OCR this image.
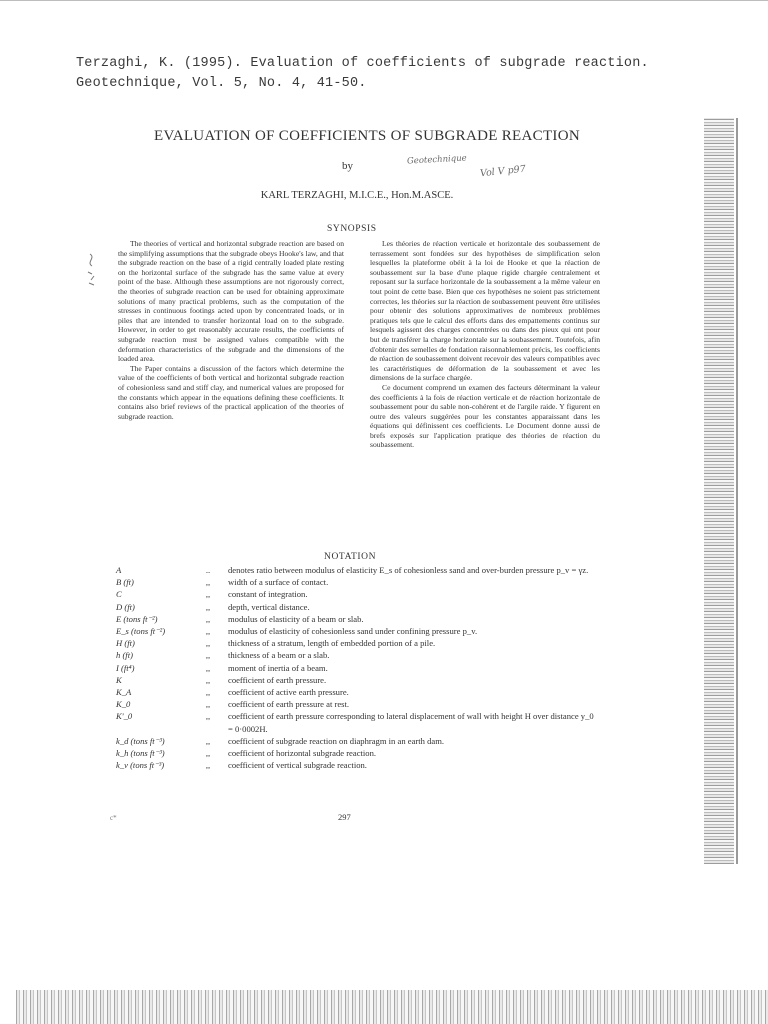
Terzaghi, K. (1995). Evaluation of coefficients of subgrade reaction.
Geotechnique, Vol. 5, No. 4, 41-50.
EVALUATION OF COEFFICIENTS OF SUBGRADE REACTION
by	Geotechnique
Vol V p97
KARL TERZAGHI, M.I.C.E., Hon.M.ASCE.
SYNOPSIS

The theories of vertical and horizontal subgrade reaction are based on the simplifying assumptions that the subgrade obeys Hooke's law, and that the subgrade reaction on the base of a rigid centrally loaded plate resting on the horizontal surface of the subgrade has the same value at every point of the base. Although these assumptions are not rigorously correct, the theories of subgrade reaction can be used for obtaining approximate solutions of many practical problems, such as the computation of the stresses in continuous footings acted upon by concentrated loads, or in piles that are intended to transfer horizontal load on to the subgrade. However, in order to get reasonably accurate results, the coefficients of subgrade reaction must be assigned values compatible with the deformation characteristics of the subgrade and the dimensions of the loaded area.

The Paper contains a discussion of the factors which determine the value of the coefficients of both vertical and horizontal subgrade reaction of cohesionless sand and stiff clay, and numerical values are proposed for the constants which appear in the equations defining these coefficients. It contains also brief reviews of the practical application of the theories of subgrade reaction.

Les théories de réaction verticale et horizontale des soubassement de terrassement sont fondées sur des hypothèses de simplification selon lesquelles la plateforme obéit à la loi de Hooke et que la réaction de soubassement sur la base d'une plaque rigide chargée centralement et reposant sur la surface horizontale de la soubassement a la même valeur en tout point de cette base. Bien que ces hypothèses ne soient pas strictement correctes, les théories sur la réaction de soubassement peuvent être utilisées pour obtenir des solutions approximatives de nombreux problèmes pratiques tels que le calcul des efforts dans des empattements continus sur lesquels agissent des charges concentrées ou dans des pieux qui ont pour but de transférer la charge horizontale sur la soubassement. Toutefois, afin d'obtenir des semelles de fondation raisonnablement précis, les coefficients de réaction de soubassement doivent recevoir des valeurs compatibles avec les caractéristiques de déformation de la soubassement et avec les dimensions de la surface chargée.

Ce document comprend un examen des facteurs déterminant la valeur des coefficients à la fois de réaction verticale et de réaction horizontale de soubassement pour du sable non-cohérent et de l'argile raide. Y figurent en outre des valeurs suggérées pour les constantes apparaissant dans les équations qui définissent ces coefficients. Le Document donne aussi de brefs exposés sur l'application pratique des théories de réaction du soubassement.

NOTATION
A	..	denotes ratio between modulus of elasticity E_s of cohesionless sand and over-burden pressure p_v = γz.
B (ft)	,,	width of a surface of contact.
C	,,	constant of integration.
D (ft)	,,	depth, vertical distance.
E (tons ft⁻²)	,,	modulus of elasticity of a beam or slab.
E_s (tons ft⁻²)	,,	modulus of elasticity of cohesionless sand under confining pressure p_v.
H (ft)	,,	thickness of a stratum, length of embedded portion of a pile.
h (ft)	,,	thickness of a beam or a slab.
I (ft⁴)	,,	moment of inertia of a beam.
K	,,	coefficient of earth pressure.
K_A	,,	coefficient of active earth pressure.
K_0	,,	coefficient of earth pressure at rest.
K'_0	,,	coefficient of earth pressure corresponding to lateral displacement of wall with height H over distance y_0 = 0·0002H.
k_d (tons ft⁻³)	,,	coefficient of subgrade reaction on diaphragm in an earth dam.
k_h (tons ft⁻³)	,,	coefficient of horizontal subgrade reaction.
k_v (tons ft⁻³)	,,	coefficient of vertical subgrade reaction.
c*	297
